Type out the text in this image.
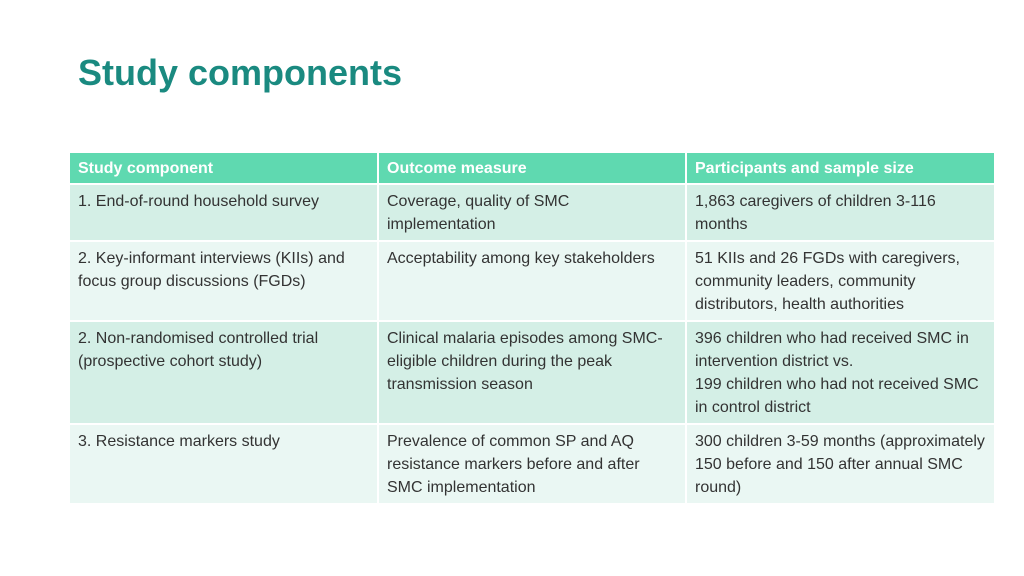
Study components
Study component	Outcome measure	Participants and sample size
1. End-of-round household survey	Coverage, quality of SMC implementation	1,863 caregivers of children 3-116 months
2. Key-informant interviews (KIIs) and focus group discussions (FGDs)	Acceptability among key stakeholders	51 KIIs and 26 FGDs with caregivers, community leaders, community distributors, health authorities
2. Non-randomised controlled trial (prospective cohort study)	Clinical malaria episodes among SMC-eligible children during the peak transmission season	396 children who had received SMC in intervention district vs.
199 children who had not received SMC in control district

3. Resistance markers study	Prevalence of common SP and AQ resistance markers before and after SMC implementation	300 children 3-59 months (approximately 150 before and 150 after annual SMC round)
